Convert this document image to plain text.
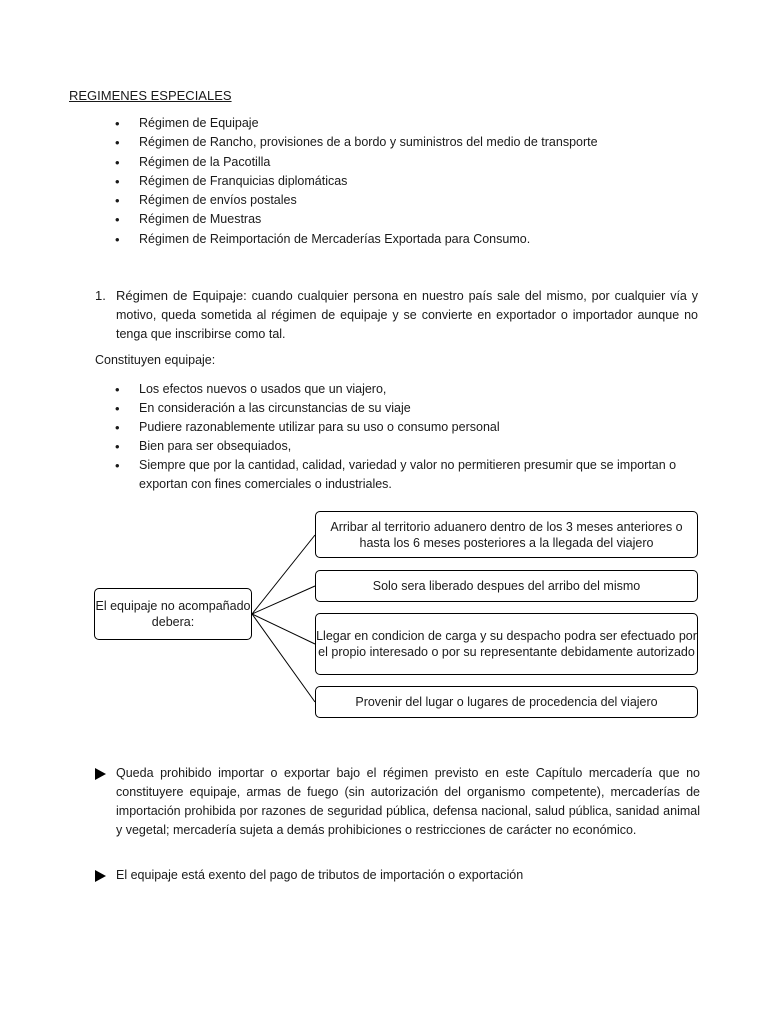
REGIMENES ESPECIALES
• Régimen de Equipaje
• Régimen de Rancho, provisiones de a bordo y suministros del medio de transporte
• Régimen de la Pacotilla
• Régimen de Franquicias diplomáticas
• Régimen de envíos postales
• Régimen de Muestras
• Régimen de Reimportación de Mercaderías Exportada para Consumo.
1. Régimen de Equipaje: cuando cualquier persona en nuestro país sale del mismo, por cualquier vía y motivo, queda sometida al régimen de equipaje y se convierte en exportador o importador aunque no tenga que inscribirse como tal.

Constituyen equipaje:

• Los efectos nuevos o usados que un viajero,
• En consideración a las circunstancias de su viaje
• Pudiere razonablemente utilizar para su uso o consumo personal
• Bien para ser obsequiados,
• Siempre que por la cantidad, calidad, variedad y valor no permitieren presumir que se importan o exportan con fines comerciales o industriales.
El equipaje no acompañado debera:
Arribar al territorio aduanero dentro de los 3 meses anteriores o hasta los 6 meses posteriores a la llegada del viajero
Solo sera liberado despues del arribo del mismo
Llegar en condicion de carga y su despacho podra ser efectuado por el propio interesado o por su representante debidamente autorizado
Provenir del lugar o lugares de procedencia del viajero
Queda prohibido importar o exportar bajo el régimen previsto en este Capítulo mercadería que no constituyere equipaje, armas de fuego (sin autorización del organismo competente), mercaderías de importación prohibida por razones de seguridad pública, defensa nacional, salud pública, sanidad animal y vegetal; mercadería sujeta a demás prohibiciones o restricciones de carácter no económico.
El equipaje está exento del pago de tributos de importación o exportación
